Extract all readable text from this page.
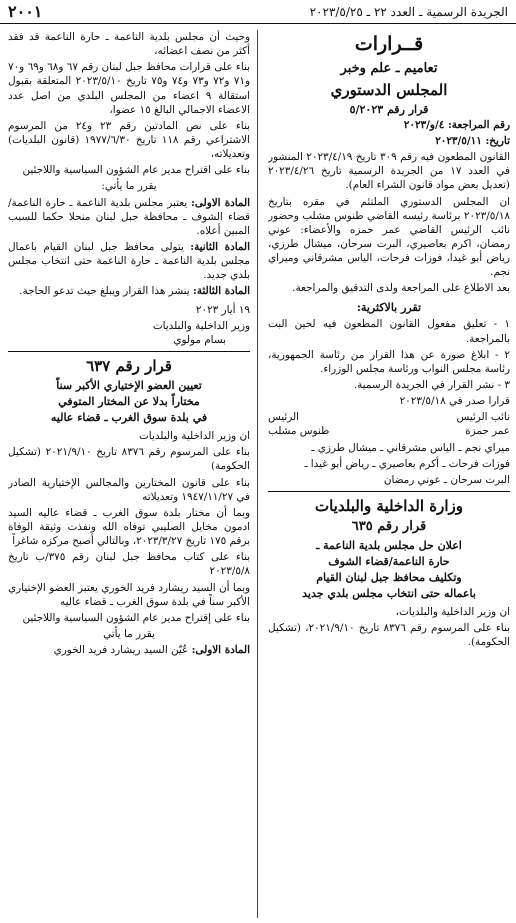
الجريدة الرسمية ـ العدد ٢٢ ـ ٢٠٢٣/٥/٢٥
٢٠٠١
قــرارات
تعاميم ـ علم وخبر
المجلس الدستوري
قرار رقم ٥/٢٠٢٣

رقم المراجعة: ٤/و/٢٠٢٣

تاريخ: ٢٠٢٣/٥/١١

القانون المطعون فيه رقم ٣٠٩ تاريخ ٢٠٢٣/٤/١٩ المنشور في العدد ١٧ من الجريدة الرسمية تاريخ ٢٠٢٣/٤/٢٦ (تعديل بعض مواد قانون الشراء العام).

ان المجلس الدستوري الملتئم في مقره بتاريخ ٢٠٢٣/٥/١٨ برئاسة رئيسه القاضي طنوس مشلب وحضور نائب الرئيس القاضي عمر حمزه والأعضاء: عوني رمضان، اكرم بعاصيري، البرت سرحان، ميشال طرزي، رياض أبو غيدا، فوزات فرحات، الياس مشرقاني وميراي نجم.

بعد الاطلاع على المراجعة ولدى التدقيق والمراجعة.

تقرر بالاكثرية:

١ - تعليق مفعول القانون المطعون فيه لحين البت بالمراجعة.

٢ - ابلاغ صورة عن هذا القرار من رئاسة الجمهورية، رئاسة مجلس النواب ورئاسة مجلس الوزراء.

٣ - نشر القرار في الجريدة الرسمية.

قرارا صدر في ٢٠٢٣/٥/١٨

نائب الرئيس
عمر حمزة
الرئيس
طنوس مشلب

ميراي نجم ـ الياس مشرقاني ـ ميشال طرزي ـ

فوزات فرحات ـ أكرم بعاصيري ـ رياض أبو غيدا ـ

البرت سرحان ـ عوني رمضان

وزارة الداخلية والبلديات
قرار رقم ٦٣٥
اعلان حل مجلس بلدية الناعمة ـ
حارة الناعمة/قضاء الشوف
وتكليف محافظ جبل لبنان القيام
باعماله حتى انتخاب مجلس بلدي جديد

ان وزير الداخلية والبلديات،

بناء على المرسوم رقم ٨٣٧٦ تاريخ ٢٠٢١/٩/١٠، (تشكيل الحكومة).

وحيث أن مجلس بلدية الناعمة ـ حارة الناعمة قد فقد أكثر من نصف اعضائه،

بناء على قرارات محافظ جبل لبنان رقم ٦٧ و٦٨ و٦٩ و٧٠ و٧١ و٧٢ و٧٣ و٧٤ و٧٥ تاريخ ٢٠٢٣/٥/١٠ المتعلقة بقبول استقالة ٩ اعضاء من المجلس البلدي من اصل عدد الاعضاء الاجمالي البالغ ١٥ عضوا،

بناء على نص المادتين رقم ٢٣ و٢٤ من المرسوم الاشتراعي رقم ١١٨ تاريخ ١٩٧٧/٦/٣٠ (قانون البلديات) وتعديلاته،

بناء على اقتراح مدير عام الشؤون السياسية واللاجئين

يقرر ما يأتي:

المادة الاولى: يعتبر مجلس بلدية الناعمة ـ حارة الناعمة/ قضاء الشوف ـ محافظة جبل لبنان منحلا حكما للسبب المبين أعلاه.

المادة الثانية: يتولى محافظ جبل لبنان القيام باعمال مجلس بلدية الناعمة ـ حارة الناعمة حتى انتخاب مجلس بلدي جديد.

المادة الثالثة: ينشر هذا القرار ويبلغ حيث تدعو الحاجة.

١٩ أيار ٢٠٢٣

وزير الداخلية والبلديات

بسام مولوي

قرار رقم ٦٣٧
تعيين العضو الإختياري الأكبر سناً
مختاراً بدلا عن المختار المتوفي
في بلدة سوق الغرب ـ قضاء عاليه

ان وزير الداخلية والبلديات

بناء على المرسوم رقم ٨٣٧٦ تاريخ ٢٠٢١/٩/١٠ (تشكيل الحكومة)

بناء على قانون المختارين والمجالس الإختيارية الصادر في ١٩٤٧/١١/٢٧ وتعديلاته

وبما أن مختار بلدة سوق الغرب ـ قضاء عاليه السيد ادمون مخايل الصليبي توفاه الله ونفذت وثيقة الوفاة برقم ١٧٥ تاريخ ٢٠٢٣/٣/٢٧، وبالتالي أصبح مركزه شاغراً

بناء على كتاب محافظ جبل لبنان رقم ٣٧٥/ب تاريخ ٢٠٢٣/٥/٨

وبما أن السيد ريشارد فريد الخوري يعتبر العضو الإختياري الأكبر سناً في بلدة سوق الغرب ـ قضاء عاليه

بناء على إقتراح مدير عام الشؤون السياسية واللاجئين

يقرر ما يأتي

المادة الاولى: عُيّن السيد ريشارد فريد الخوري
